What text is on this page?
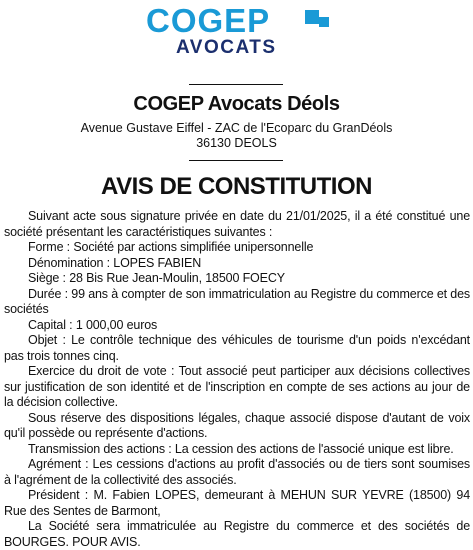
COGEP
AVOCATS
COGEP Avocats Déols
Avenue Gustave Eiffel - ZAC de l'Ecoparc du GranDéols
36130 DEOLS
AVIS DE CONSTITUTION

Suivant acte sous signature privée en date du 21/01/2025, il a été constitué une société présentant les caractéristiques suivantes :

Forme : Société par actions simplifiée unipersonnelle

Dénomination : LOPES FABIEN

Siège : 28 Bis Rue Jean-Moulin, 18500 FOECY

Durée : 99 ans à compter de son immatriculation au Registre du commerce et des sociétés

Capital : 1 000,00 euros

Objet : Le contrôle technique des véhicules de tourisme d'un poids n'excédant pas trois tonnes cinq.

Exercice du droit de vote : Tout associé peut participer aux décisions collectives sur justification de son identité et de l'inscription en compte de ses actions au jour de la décision collective.

Sous réserve des dispositions légales, chaque associé dispose d'autant de voix qu'il possède ou représente d'actions.

Transmission des actions : La cession des actions de l'associé unique est libre.

Agrément : Les cessions d'actions au profit d'associés ou de tiers sont soumises à l'agrément de la collectivité des associés.

Président : M. Fabien LOPES, demeurant à MEHUN SUR YEVRE (18500) 94 Rue des Sentes de Barmont,

La Société sera immatriculée au Registre du commerce et des sociétés de BOURGES. POUR AVIS.
